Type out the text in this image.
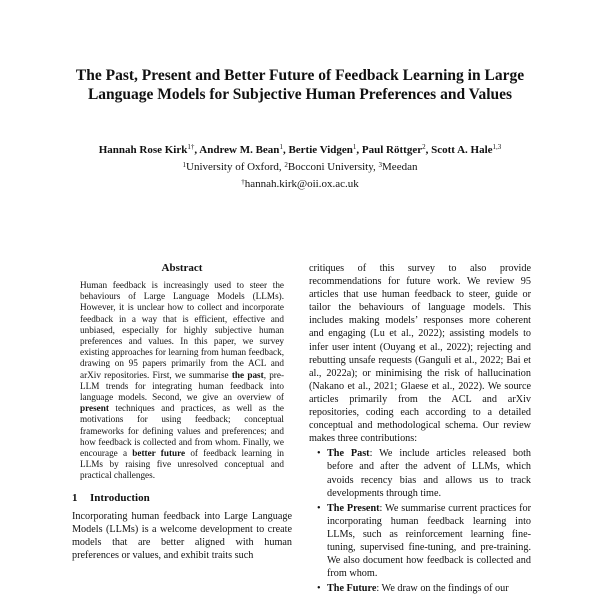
The Past, Present and Better Future of Feedback Learning in Large
Language Models for Subjective Human Preferences and Values
Hannah Rose Kirk$^{1\dagger}$, Andrew M. Bean$^1$, Bertie Vidgen$^1$, Paul Röttger$^2$, Scott A. Hale$^{1,3}$
$^1$University of Oxford, $^2$Bocconi University, $^3$Meedan
†hannah.kirk@oii.ox.ac.uk
Abstract

Human feedback is increasingly used to steer the behaviours of Large Language Models (LLMs). However, it is unclear how to collect and incorporate feedback in a way that is efficient, effective and unbiased, especially for highly subjective human preferences and values. In this paper, we survey existing approaches for learning from human feedback, drawing on 95 papers primarily from the ACL and arXiv repositories. First, we summarise the past, pre-LLM trends for integrating human feedback into language models. Second, we give an overview of present techniques and practices, as well as the motivations for using feedback; conceptual frameworks for defining values and preferences; and how feedback is collected and from whom. Finally, we encourage a better future of feedback learning in LLMs by raising five unresolved conceptual and practical challenges.

1 Introduction

Incorporating human feedback into Large Language Models (LLMs) is a welcome development to create models that are better aligned with human preferences or values, and exhibit traits such

critiques of this survey to also provide recommendations for future work. We review 95 articles that use human feedback to steer, guide or tailor the behaviours of language models. This includes making models’ responses more coherent and engaging (Lu et al., 2022); assisting models to infer user intent (Ouyang et al., 2022); rejecting and rebutting unsafe requests (Ganguli et al., 2022; Bai et al., 2022a); or minimising the risk of hallucination (Nakano et al., 2021; Glaese et al., 2022). We source articles primarily from the ACL and arXiv repositories, coding each according to a detailed conceptual and methodological schema. Our review makes three contributions:

• The Past: We include articles released both before and after the advent of LLMs, which avoids recency bias and allows us to track developments through time.
• The Present: We summarise current practices for incorporating human feedback learning into LLMs, such as reinforcement learning fine-tuning, supervised fine-tuning, and pre-training. We also document how feedback is collected and from whom.
• The Future: We draw on the findings of our
